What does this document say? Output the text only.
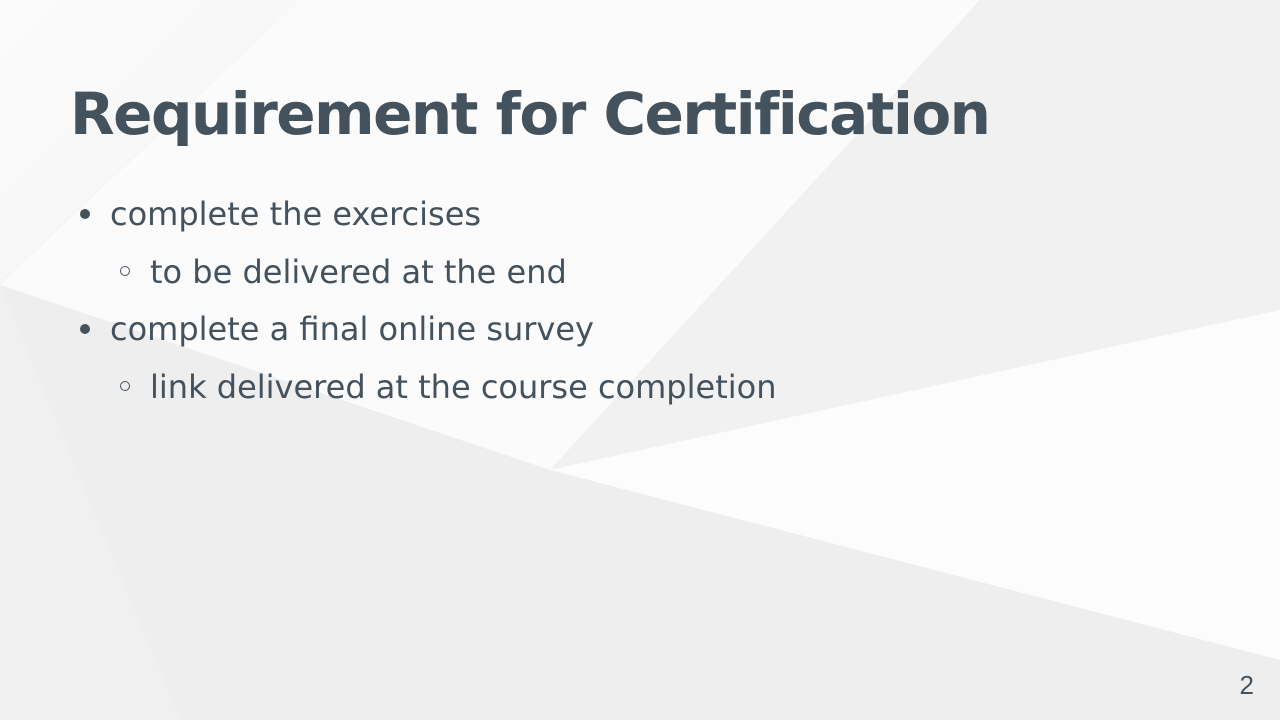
Requirement for Certification
complete the exercises
to be delivered at the end
complete a final online survey
link delivered at the course completion
2
